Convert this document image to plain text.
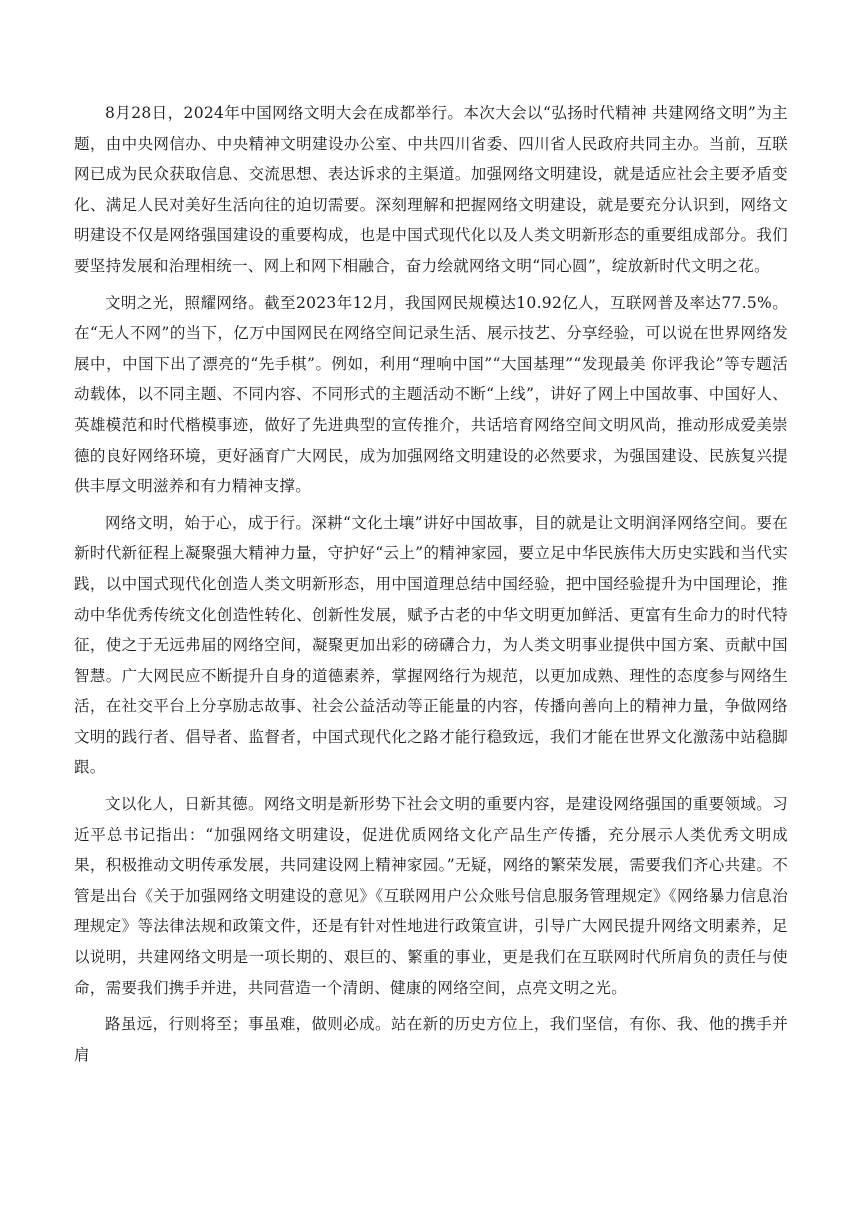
8月28日，2024年中国网络文明大会在成都举行。本次大会以“弘扬时代精神 共建网络文明”为主题，由中央网信办、中央精神文明建设办公室、中共四川省委、四川省人民政府共同主办。当前，互联网已成为民众获取信息、交流思想、表达诉求的主渠道。加强网络文明建设，就是适应社会主要矛盾变化、满足人民对美好生活向往的迫切需要。深刻理解和把握网络文明建设，就是要充分认识到，网络文明建设不仅是网络强国建设的重要构成，也是中国式现代化以及人类文明新形态的重要组成部分。我们要坚持发展和治理相统一、网上和网下相融合，奋力绘就网络文明“同心圆”，绽放新时代文明之花。

文明之光，照耀网络。截至2023年12月，我国网民规模达10.92亿人，互联网普及率达77.5%。在“无人不网”的当下，亿万中国网民在网络空间记录生活、展示技艺、分享经验，可以说在世界网络发展中，中国下出了漂亮的“先手棋”。例如，利用“理响中国”“大国基理”“发现最美 你评我论”等专题活动载体，以不同主题、不同内容、不同形式的主题活动不断“上线”，讲好了网上中国故事、中国好人、英雄模范和时代楷模事迹，做好了先进典型的宣传推介，共话培育网络空间文明风尚，推动形成爱美崇德的良好网络环境，更好涵育广大网民，成为加强网络文明建设的必然要求，为强国建设、民族复兴提供丰厚文明滋养和有力精神支撑。

网络文明，始于心，成于行。深耕“文化土壤”讲好中国故事，目的就是让文明润泽网络空间。要在新时代新征程上凝聚强大精神力量，守护好“云上”的精神家园，要立足中华民族伟大历史实践和当代实践，以中国式现代化创造人类文明新形态，用中国道理总结中国经验，把中国经验提升为中国理论，推动中华优秀传统文化创造性转化、创新性发展，赋予古老的中华文明更加鲜活、更富有生命力的时代特征，使之于无远弗届的网络空间，凝聚更加出彩的磅礴合力，为人类文明事业提供中国方案、贡献中国智慧。广大网民应不断提升自身的道德素养，掌握网络行为规范，以更加成熟、理性的态度参与网络生活，在社交平台上分享励志故事、社会公益活动等正能量的内容，传播向善向上的精神力量，争做网络文明的践行者、倡导者、监督者，中国式现代化之路才能行稳致远，我们才能在世界文化激荡中站稳脚跟。

文以化人，日新其德。网络文明是新形势下社会文明的重要内容，是建设网络强国的重要领域。习近平总书记指出：“加强网络文明建设，促进优质网络文化产品生产传播，充分展示人类优秀文明成果，积极推动文明传承发展，共同建设网上精神家园。”无疑，网络的繁荣发展，需要我们齐心共建。不管是出台《关于加强网络文明建设的意见》《互联网用户公众账号信息服务管理规定》《网络暴力信息治理规定》等法律法规和政策文件，还是有针对性地进行政策宣讲，引导广大网民提升网络文明素养，足以说明，共建网络文明是一项长期的、艰巨的、繁重的事业，更是我们在互联网时代所肩负的责任与使命，需要我们携手并进，共同营造一个清朗、健康的网络空间，点亮文明之光。

路虽远，行则将至；事虽难，做则必成。站在新的历史方位上，我们坚信，有你、我、他的携手并肩
